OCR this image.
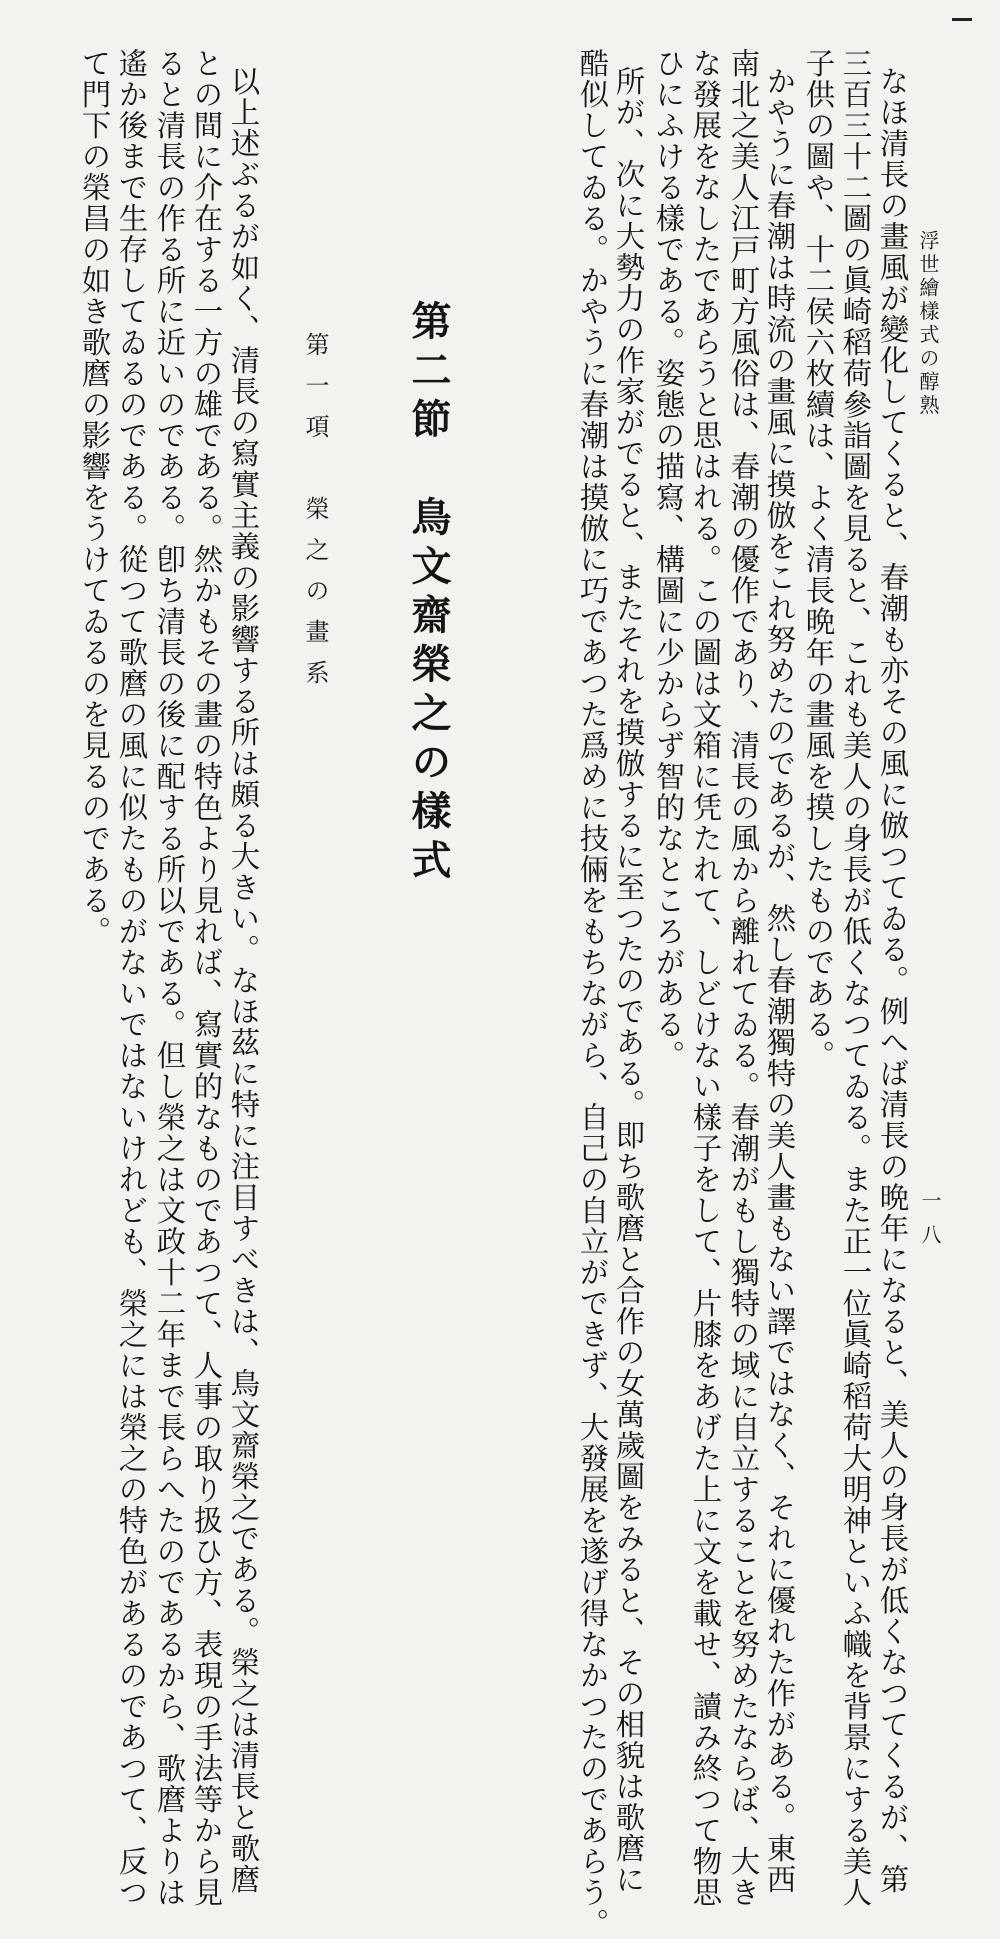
浮世繪樣式の醇熟
一八
なほ清長の畫風が變化してくると、春潮も亦その風に倣つてゐる。例へば清長の晩年になると、美人の身長が低くなつてくるが、第
三百三十二圖の眞崎稻荷參詣圖を見ると、これも美人の身長が低くなつてゐる。また正一位眞崎稻荷大明神といふ幟を背景にする美人
子供の圖や、十二侯六枚續は、よく清長晩年の畫風を摸したものである。
かやうに春潮は時流の畫風に摸倣をこれ努めたのであるが、然し春潮獨特の美人畫もない譯ではなく、それに優れた作がある。東西
南北之美人江戸町方風俗は、春潮の優作であり、清長の風から離れてゐる。春潮がもし獨特の域に自立することを努めたならば、大き
な發展をなしたであらうと思はれる。この圖は文箱に凭たれて、しどけない樣子をして、片膝をあげた上に文を載せ、讀み終つて物思
ひにふける樣である。姿態の描寫、構圖に少からず智的なところがある。
所が、次に大勢力の作家がでると、またそれを摸倣するに至つたのである。即ち歌麿と合作の女萬歲圖をみると、その相貌は歌麿に
酷似してゐる。かやうに春潮は摸倣に巧であつた爲めに技倆をもちながら、自己の自立ができず、大發展を遂げ得なかつたのであらう。
第二節　鳥文齋榮之の樣式
第一項　榮之の畫系
以上述ぶるが如く、清長の寫實主義の影響する所は頗る大きい。なほ茲に特に注目すべきは、鳥文齋榮之である。榮之は清長と歌麿
との間に介在する一方の雄である。然かもその畫の特色より見れば、寫實的なものであつて、人事の取り扱ひ方、表現の手法等から見
ると清長の作る所に近いのである。卽ち清長の後に配する所以である。但し榮之は文政十二年まで長らへたのであるから、歌麿よりは
遙か後まで生存してゐるのである。從つて歌麿の風に似たものがないではないけれども、榮之には榮之の特色があるのであつて、反つ
て門下の榮昌の如き歌麿の影響をうけてゐるのを見るのである。
